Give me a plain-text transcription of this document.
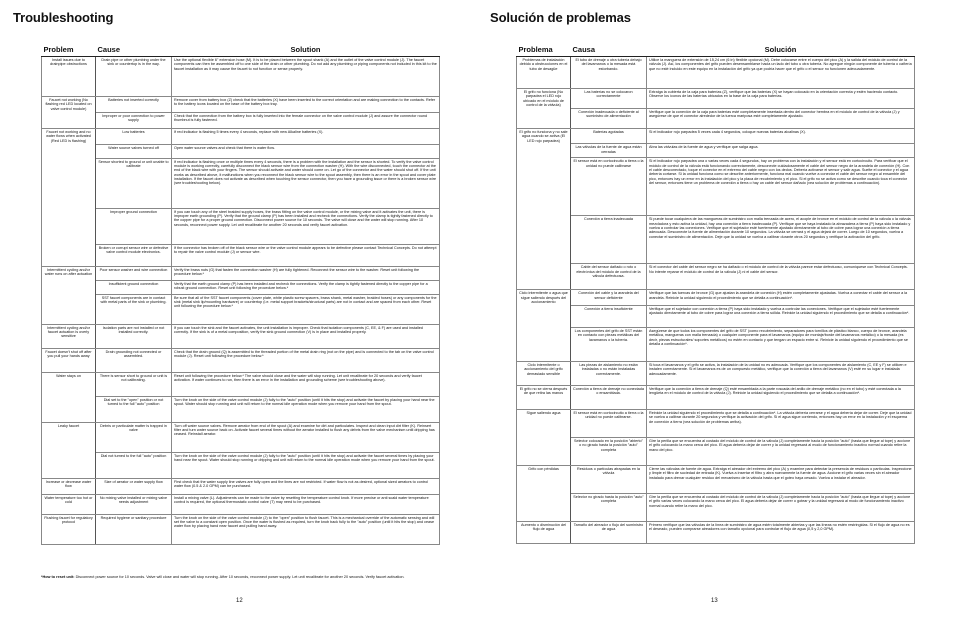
Troubleshooting
Problem	Cause	Solution
Install issues due to drainpipe obstructions	Drain pipe or other plumbing under the sink or countertop is in the way.	Use the optional flexible 6" extension hose (M). It is to be placed between the spout shank (A) and the outlet of the valve control module (J). The faucet components can then be assembled off to one side of the drain or other plumbing. Do not add any plumbing or piping components not included in this kit to the faucet installation as it may cause the faucet to not function or sense properly.
Faucet not working (No flashing red LED located on valve control module)	Batteries not inserted correctly	Remove cover from battery box (Z) check that the batteries (X) have been inserted to the correct orientation and are making connection to the contacts. Refer to the battery icons located on the base of the battery box tray.
	Improper or poor connection to power supply	Check that the connection from the battery box is fully inserted into the female connector on the valve control module (J) and assure the connector round thumbnut is fully fastened.
Faucet not working and no water flows when activated (Red LED is flashing)	Low batteries	If red indicator is flashing 5 times every 4 seconds, replace with new Alkaline batteries (X).
	Water source valves turned off	Open water source valves and check that there is water flow.
	Sensor shorted to ground or unit unable to calibrate	If red indicator is flashing once or multiple times every 4 seconds, there is a problem with the installation and the sensor is shorted. To verify the valve control module is working correctly, carefully disconnect the black sensor wire from the connection washer (H). With the wire disconnected, touch the connector at the end of the black wire with your fingers. The sensor should activate and water should come on. Let go of the connector and the water should shut off. If the unit works as described above, it malfunctions when you reconnect the black sensor wire to the spout assembly, then there is an error in the spout and cover plate installation. If the faucet does not activate as described when touching the sensor connector, then you have a grounding issue or there is a broken sensor wire (see troubleshooting below).
	Improper ground connection	If you can touch any of the steel braided supply hoses, the brass fitting on the valve control module, or the mixing valve and it activates the unit, there is improper earth grounding (P). Verify that the ground clamp (P) has been installed and recheck the connections. Verify the clamp is tightly fastened directly to the copper pipe for a proper ground connection. Disconnect power source for 10 seconds. The valve will close and the water will stop running. After 10 seconds, reconnect power supply. Let unit recalibrate for another 20 seconds and verify faucet activation.
	Broken or corrupt sensor wire or defective valve control module electronics.	If the connector has broken off of the black sensor wire or the valve control module appears to be defective please contact Technical Concepts. Do not attempt to repair the valve control module (J) or sensor wire.
Intermittent cycling and/or water runs on after actuation	Poor sensor washer and wire connection	Verify the brass nuts (G) that fasten the connection washer (H) are fully tightened. Reconnect the sensor wire to the washer. Reset unit following the procedure below.*
	Insufficient ground connection	Verify that the earth ground clamp (P) has been installed and recheck the connections. Verify the clamp is tightly fastened directly to the copper pipe for a robust ground connection. Reset unit following the procedure below.*
	SST faucet components are in contact with metal parts of the sink or plumbing.	Be sure that all of the SST faucet components (cover plate, white plastic screw spacers, brass shank, metal washer, braided hoses) or any components for the sink (metal sink lip/mounting hardware) or countertop (i.e. metal support brackets/structural parts) are not in contact and are spaced from each other. Reset unit following the procedure below.*
Intermittent cycling and/or faucet actuation is overly sensitive	Isolation parts are not installed or not installed correctly.	If you can touch the sink and the faucet activates, the unit installation is improper. Check that isolation components (C, EE, & F) are used and installed correctly. If the sink is of a metal composition, verify the sink ground connection (V) is in place and installed properly.
Faucet doesn't shut off after you pull your hands away	Drain grounding not connected or assembled.	Check that the drain ground (Q) is assembled to the threaded portion of the metal drain ring (not on the pipe) and is connected to the tab on the valve control module (J). Reset unit following the procedure below.*
Water stays on	There is sensor short to ground or unit is not calibrating.	Reset unit following the procedure below.* The valve should close and the water will stop running. Let unit recalibrate for 20 seconds and verify faucet activation. If water continues to run, then there is an error in the installation and grounding scheme (see troubleshooting above).
	Dial set to the "open" position or not turned to the full "auto" position	Turn the knob on the side of the valve control module (J) fully to the "auto" position (until it hits the stop) and activate the faucet by placing your hand near the spout. Water should stop running and unit will return to the normal idle operation mode when you remove your hand from the spout.
Leaky faucet	Debris or particulate matter is trapped in valve	Turn off water source valves. Remove aerator from end of the spout (A) and examine for dirt and particulates. Inspect and clean input dirt filter (K). Reinsert filter and turn water source back on. Activate faucet several times without the aerator installed to flush any debris from the valve mechanism until dripping has ceased. Reinstall aerator.
	Dial not turned to the full "auto" position	Turn the knob on the side of the valve control module (J) fully to the "auto" position (until it hits the stop) and activate the faucet several times by placing your hand near the spout. Water should stop running or dripping and unit will return to the normal idle operation mode when you remove your hand from the spout.
Increase or decrease water flow	Size of aerator or water supply flow	First check that the water supply line valves are fully open and the lines are not restricted. If water flow is not as desired, optional sized aerators to control water flow (0.5 & 2.0 GPM) can be purchased.
Water temperature too hot or cold	No mixing valve installed or mixing valve needs adjustment	Install a mixing valve (L). Adjustments can be made to the valve by resetting the temperature control knob. If more precise or anti scald water temperature control is required, the optional thermostatic control valve (T) may need to be purchased.
Flushing faucet for regulatory protocol	Required hygiene or sanitary procedure	Turn the knob on the side of the valve control module (J) to the "open" position to flush faucet. This is a mechanical override of the automatic sensing and will set the valve to a constant open position. Once the water is flushed as required, turn the knob back fully to the "auto" position (until it hits the stop) and cease water flow by placing hand near faucet and pulling hand away.
*How to reset unit: Disconnect power source for 10 seconds. Valve will close and water will stop running. After 10 seconds, reconnect power supply. Let unit recalibrate for another 20 seconds. Verify faucet activation.
12
Solución de problemas
Problema	Causa	Solución
Problemas de instalación debido a obstrucciones en el tubo de desagüe	El tubo de drenaje u otra tubería debajo del lavamanos o la mesada está estorbando.	Utilice la manguera de extensión de 15,24 cm (6 in) flexible opcional (M). Debe colocarse entre el cuerpo del pico (A) y la salida del módulo de control de la válvula (J). Así, los componentes del grifo pueden desensamblarse hacia un lado del tubo u otra tubería. No agregue ningún componente de tubería o cañería que no esté incluido en este equipo en la instalación del grifo ya que podría hacer que el grifo o el sensor no funcionen adecuadamente.
El grifo no funciona (No parpadea el LED rojo ubicado en el módulo de control de la válvula)	Las baterías no se colocaron correctamente	Extraiga la cubierta de la caja para baterías (Z), verifique que las baterías (X) se hayan colocado en la orientación correcta y estén haciendo contacto. Observe los íconos de las baterías ubicados en la base de la caja para baterías.
	Conexión inadecuada o deficiente al suministro de alimentación	Verifique que la conexión de la caja para baterías esté completamente insertada dentro del conector hembra en el módulo de control de la válvula (J) y asegúrese de que el conector alrededor de la tuerca mariposa esté completamente ajustado.
El grifo no funciona y no sale agua cuando se activa (El LED rojo parpadea)	Baterías agotadas	Si el indicador rojo parpadea 5 veces cada 4 segundos, coloque nuevas baterías alcalinas (X).
	Las válvulas de la fuente de agua están cerradas	Abra las válvulas de la fuente de agua y verifique que salga agua.
	El sensor está en cortocircuito a tierra o la unidad no puede calibrarse	Si el indicador rojo parpadea una o varias veces cada 4 segundos, hay un problema con la instalación y el sensor está en cortocircuito. Para verificar que el módulo de control de la válvula está funcionando correctamente, desconecte cuidadosamente el cable del sensor negro de la arandela de conexión (H). Con el cable desconectado, toque el conector en el extremo del cable negro con los dedos. Debería activarse el sensor y salir agua. Suelte el conector y el agua debería cortarse. Si la unidad funciona como se describe anteriormente, funciona mal cuando vuelve a conectar el cable del sensor negro al ensamble del pico, entonces hay un error en la instalación del pico y la placa de recubrimiento y el pico. Si el grifo no se activa como se describe cuando toca el conector del sensor, entonces tiene un problema de conexión a tierra o hay un cable del sensor dañado (vea solución de problemas a continuación).
	Conexión a tierra inadecuada	Si puede tocar cualquiera de las mangueras de suministro con malla trenzada de acero, el acople de bronce en el módulo de control de la válvula o la válvula mezcladora y esto activa la unidad, hay una conexión a tierra inadecuada (P). Verifique que se haya instalado la abrazadera a tierra (P) haya sido instalado y vuelva a controlar las conexiones. Verifique que el sujetador esté fuertemente ajustado directamente al tubo de cobre para lograr una conexión a tierra adecuada. Desconecte la fuente de alimentación durante 10 segundos. La válvula se cerrará y el agua dejará de correr. Luego de 10 segundos, vuelva a conectar el suministro de alimentación. Deje que la unidad se vuelva a calibrar durante otros 20 segundos y verifique la activación del grifo.
	Cable del sensor dañado o roto o electrónica del módulo de control de la válvula defectuosa.	Si el conector del cable del sensor negro se ha dañado o el módulo de control de la válvula parece estar defectuoso, comuníquese con Technical Concepts. No intente reparar el módulo de control de la válvula (J) ni el cable del sensor.
Ciclo intermitente o agua que sigue saliendo después del accionamiento	Conexión del cable y la arandela del sensor deficiente	Verifique que las tuercas de bronce (G) que ajustan la arandela de conexión (H) estén completamente ajustadas. Vuelva a conectar el cable del sensor a la arandela. Reinicie la unidad siguiendo el procedimiento que se detalla a continuación*.
	Conexión a tierra insuficiente	Verifique que el sujetador con conexión a tierra (P) haya sido instalado y vuelva a controlar las conexiones. Verifique que el sujetador esté fuertemente ajustado directamente al tubo de cobre para lograr una conexión a tierra sólida. Reinicie la unidad siguiendo el procedimiento que se detalla a continuación*.
	Los componentes del grifo de SST están en contacto con piezas metálicas del lavamanos o la tubería.	Asegúrese de que todos los componentes del grifo de SST (como recubrimiento, separadores para tornillos de plástico blanco, cuerpo de bronce, arandela metálica, mangueras con malla trenzada) o cualquier componente para el lavamanos (equipo de montaje/borde del lavamanos metálico) o la mesada (es decir, piezas estructurales/ soportes metálicos) no estén en contacto y que tengan un espacio entre sí. Reinicie la unidad siguiendo el procedimiento que se detalla a continuación*.
Ciclo intermitente o accionamiento del grifo demasiado sensible	Las piezas de aislamiento no están instaladas o no están instaladas correctamente.	Si toca el lavamanos y el grifo se activa, la instalación de la unidad no es adecuada. Verifique que los componentes de aislamiento (C, EE y F) se utilicen e instalen correctamente. Si el lavamanos es de un compuesto metálico, verifique que la conexión a tierra del lavamanos (V) esté en su lugar e instalada adecuadamente.
El grifo no se cierra después de que retira las manos	Conexión a tierra de drenaje no conectada o ensamblada.	Verifique que la conexión a tierra de drenaje (Q) esté ensamblada a la parte roscada del anillo de drenaje metálico (no en el tubo) y esté conectada a la lengüeta en el módulo de control de la válvula (J). Reinicie la unidad siguiendo el procedimiento que se detalla a continuación*.
Sigue saliendo agua	El sensor está en cortocircuito a tierra o la unidad no puede calibrarse.	Reinicie la unidad siguiendo el procedimiento que se detalla a continuación*. La válvula debería cerrarse y el agua debería dejar de correr. Deje que la unidad se vuelva a calibrar durante 20 segundos y verifique la activación del grifo. Si el agua sigue corriendo, entonces hay un error en la instalación y el esquema de conexión a tierra (vea solución de problemas arriba).
	Selector colocado en la posición "abierto" o no girado hasta la posición "auto" completa	Gire la perilla que se encuentra al costado del módulo de control de la válvula (J) completamente hacia la posición "auto" (hasta que llegue al tope) y accione el grifo colocando la mano cerca del pico. El agua debería dejar de correr y la unidad regresará al modo de funcionamiento inactivo normal cuando retire la mano del pico.
Grifo con pérdidas	Residuos o partículas atrapadas en la válvula	Cierre las válvulas de fuente de agua. Extraiga el aireador del extremo del pico (A) y examine para detectar la presencia de residuos o partículas. Inspeccione y limpie el filtro de suciedad de entrada (K). Vuelva a insertar el filtro y abra nuevamente la fuente de agua. Accione el grifo varias veces sin el aireador instalado para drenar cualquier residuo del mecanismo de la válvula hasta que el goteo haya cesado. Vuelva a instalar el aireador.
	Selector no girado hasta la posición "auto" completa	Gire la perilla que se encuentra al costado del módulo de control de la válvula (J) completamente hacia la posición "auto" (hasta que llegue al tope) y accione el grifo varias veces colocando la mano cerca del pico. El agua debería dejar de correr o gotear y la unidad regresará al modo de funcionamiento inactivo normal cuando retire la mano del pico.
Aumento o disminución del flujo de agua	Tamaño del aireador o flujo del suministro de agua	Primero verifique que las válvulas de la línea de suministro de agua estén totalmente abiertas y que las líneas no estén restringidas. Si el flujo de agua no es el deseado, pueden comprarse aireadores con tamaño opcional para controlar el flujo de agua (0,5 y 2,0 GPM).
13
